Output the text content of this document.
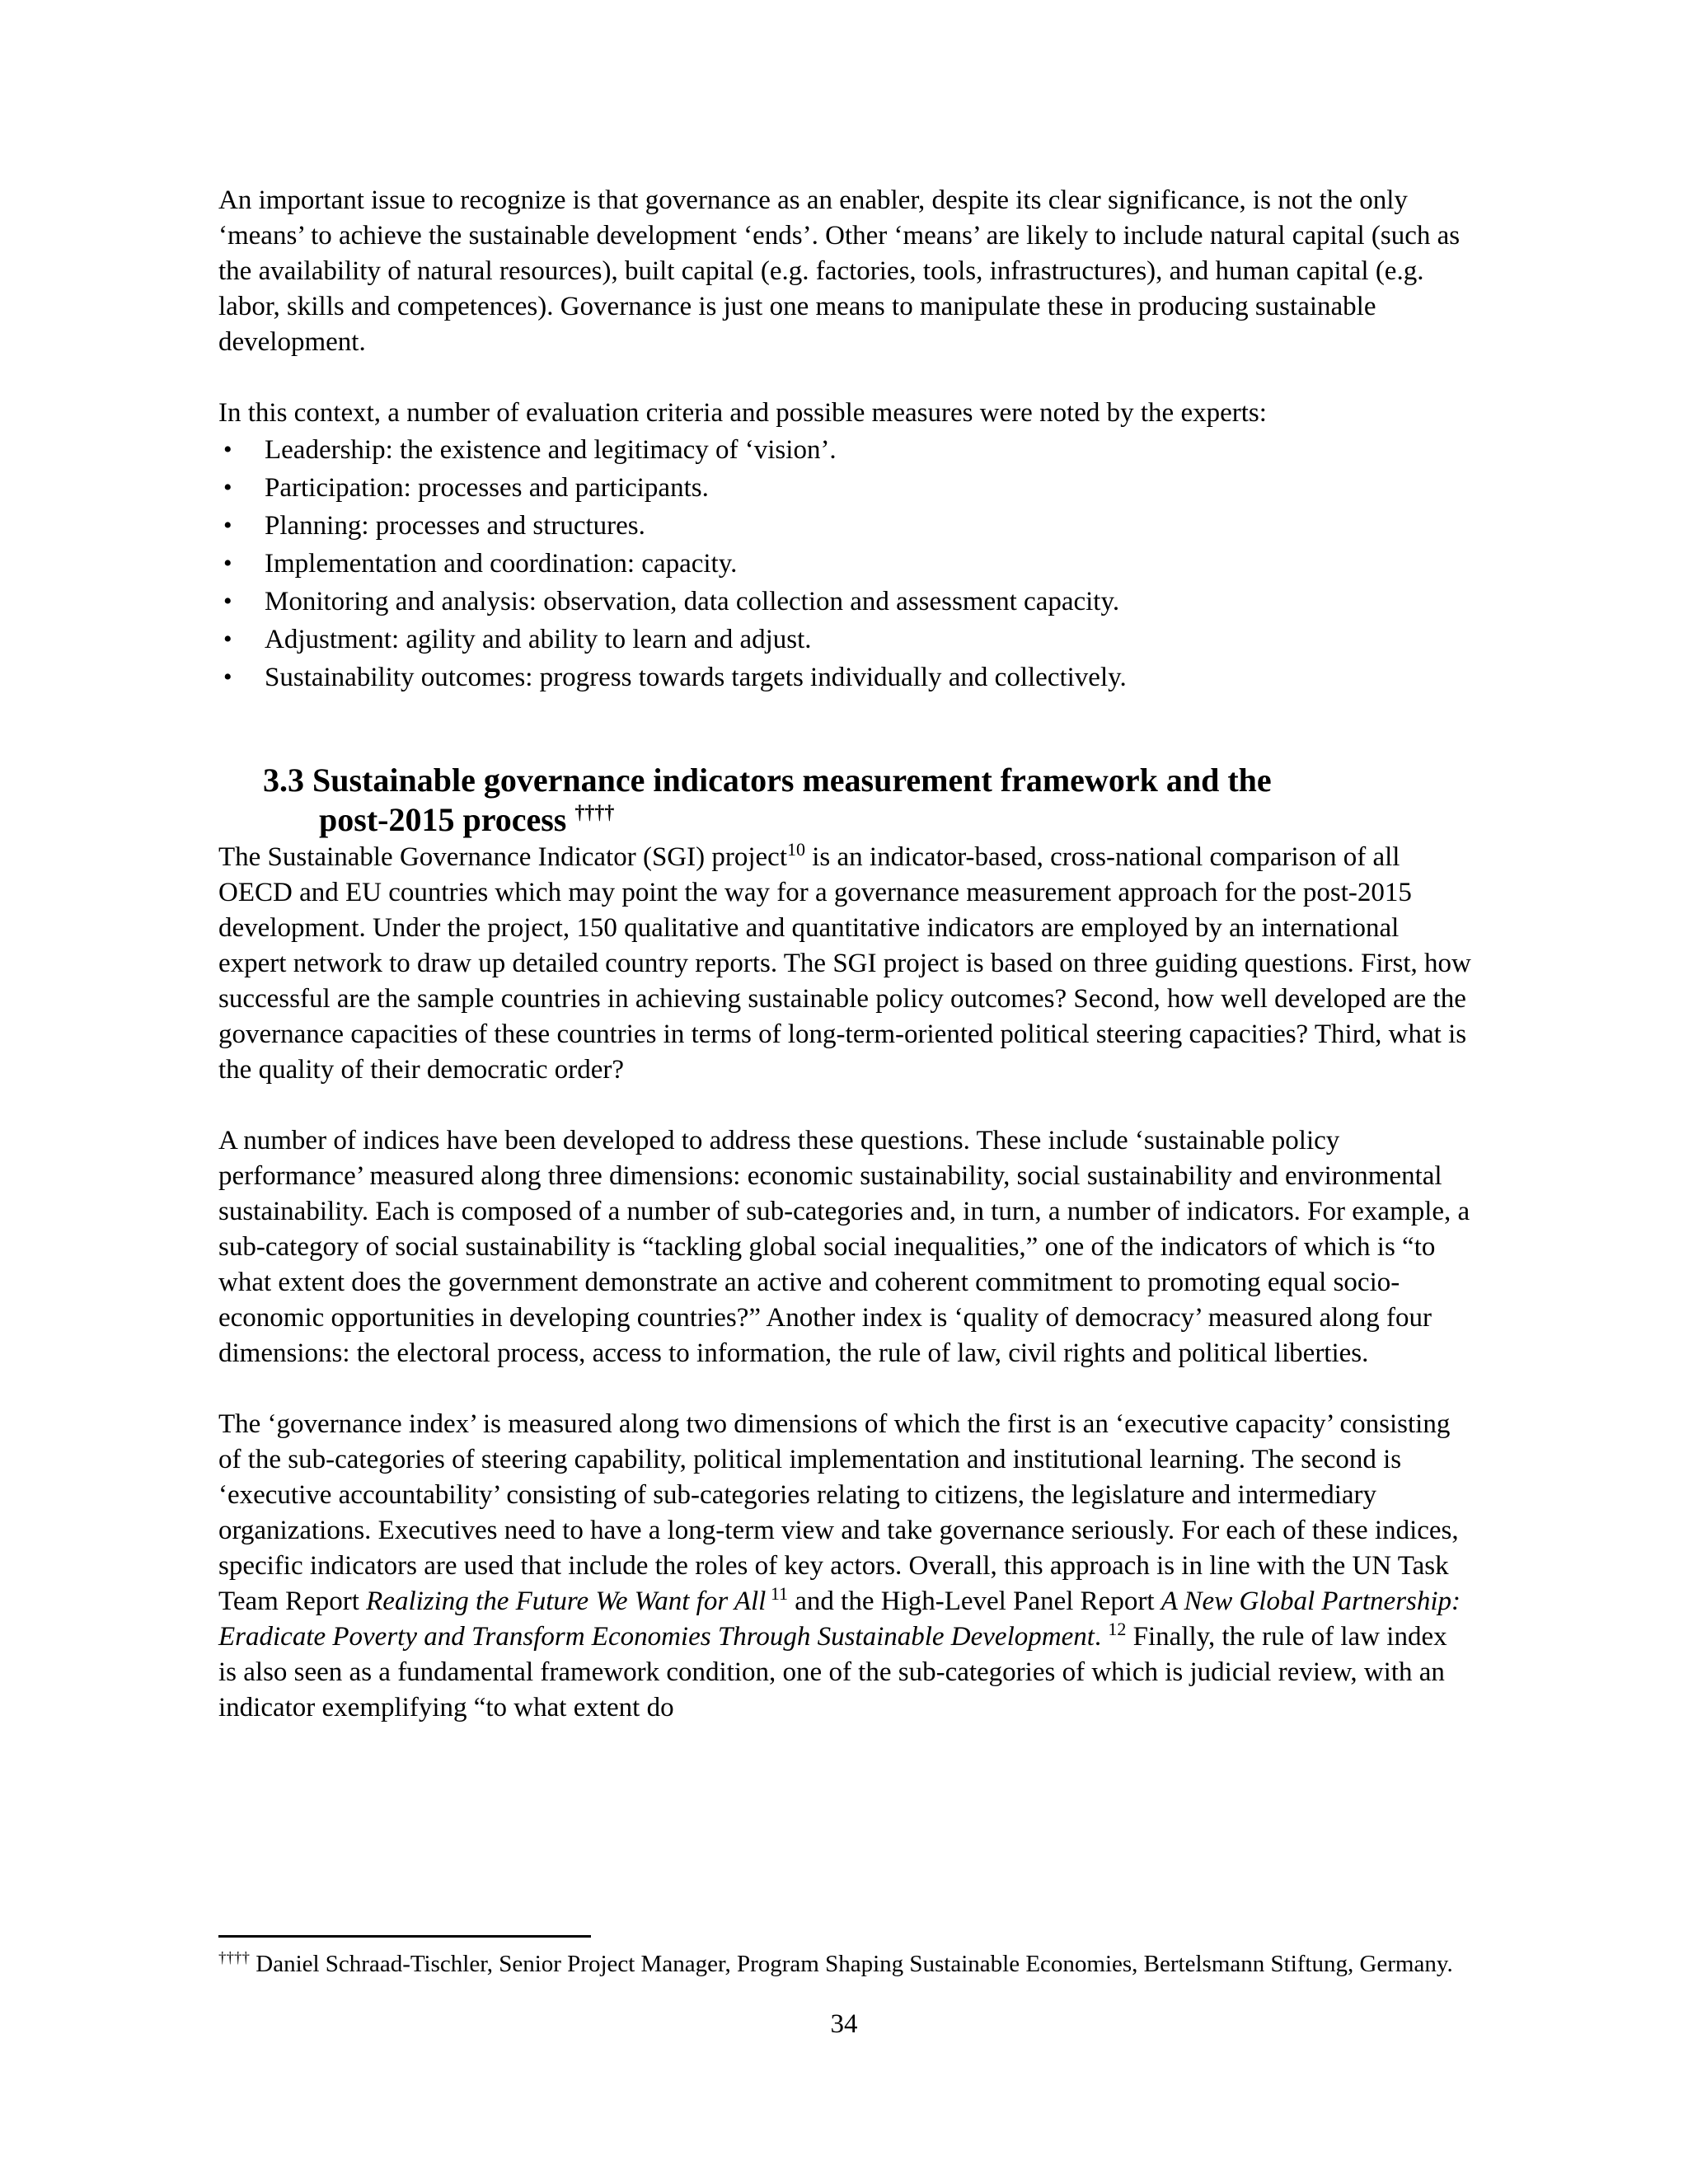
An important issue to recognize is that governance as an enabler, despite its clear significance, is not the only ‘means’ to achieve the sustainable development ‘ends’. Other ‘means’ are likely to include natural capital (such as the availability of natural resources), built capital (e.g. factories, tools, infrastructures), and human capital (e.g. labor, skills and competences). Governance is just one means to manipulate these in producing sustainable development.

In this context, a number of evaluation criteria and possible measures were noted by the experts:

• Leadership: the existence and legitimacy of ‘vision’.
• Participation: processes and participants.
• Planning: processes and structures.
• Implementation and coordination: capacity.
• Monitoring and analysis: observation, data collection and assessment capacity.
• Adjustment: agility and ability to learn and adjust.
• Sustainability outcomes: progress towards targets individually and collectively.
3.3 Sustainable governance indicators measurement framework and the
post-2015 process ††††

The Sustainable Governance Indicator (SGI) project$^{10}$ is an indicator-based, cross-national comparison of all OECD and EU countries which may point the way for a governance measurement approach for the post-2015 development. Under the project, 150 qualitative and quantitative indicators are employed by an international expert network to draw up detailed country reports. The SGI project is based on three guiding questions. First, how successful are the sample countries in achieving sustainable policy outcomes? Second, how well developed are the governance capacities of these countries in terms of long-term-oriented political steering capacities? Third, what is the quality of their democratic order?

A number of indices have been developed to address these questions. These include ‘sustainable policy performance’ measured along three dimensions: economic sustainability, social sustainability and environmental sustainability. Each is composed of a number of sub-categories and, in turn, a number of indicators. For example, a sub-category of social sustainability is “tackling global social inequalities,” one of the indicators of which is “to what extent does the government demonstrate an active and coherent commitment to promoting equal socio-economic opportunities in developing countries?” Another index is ‘quality of democracy’ measured along four dimensions: the electoral process, access to information, the rule of law, civil rights and political liberties.

The ‘governance index’ is measured along two dimensions of which the first is an ‘executive capacity’ consisting of the sub-categories of steering capability, political implementation and institutional learning. The second is ‘executive accountability’ consisting of sub-categories relating to citizens, the legislature and intermediary organizations. Executives need to have a long-term view and take governance seriously. For each of these indices, specific indicators are used that include the roles of key actors. Overall, this approach is in line with the UN Task Team Report Realizing the Future We Want for All $^{11}$ and the High-Level Panel Report A New Global Partnership: Eradicate Poverty and Transform Economies Through Sustainable Development. $^{12}$ Finally, the rule of law index is also seen as a fundamental framework condition, one of the sub-categories of which is judicial review, with an indicator exemplifying “to what extent do

†††† Daniel Schraad-Tischler, Senior Project Manager, Program Shaping Sustainable Economies, Bertelsmann Stiftung, Germany.
34
